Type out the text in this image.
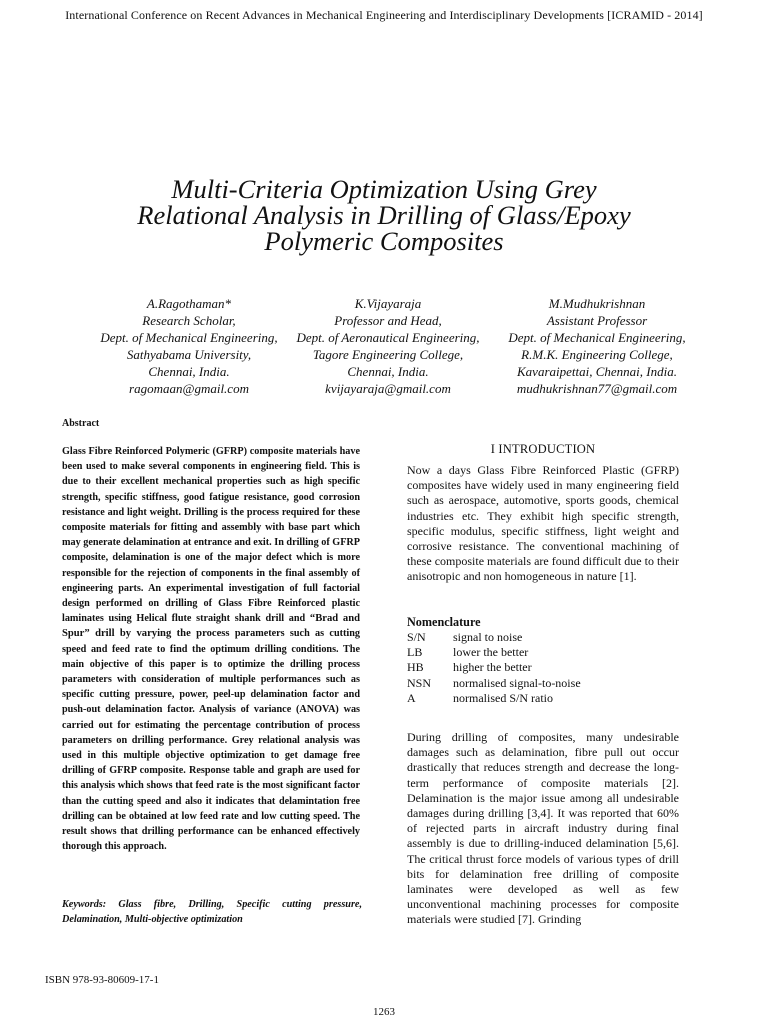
International Conference on Recent Advances in Mechanical Engineering and Interdisciplinary Developments [ICRAMID - 2014]
Multi-Criteria Optimization Using Grey
Relational Analysis in Drilling of Glass/Epoxy
Polymeric Composites
A.Ragothaman*
Research Scholar,
Dept. of Mechanical Engineering,
Sathyabama University,
Chennai, India.
ragomaan@gmail.com
K.Vijayaraja
Professor and Head,
Dept. of Aeronautical Engineering,
Tagore Engineering College,
Chennai, India.
kvijayaraja@gmail.com
M.Mudhukrishnan
Assistant Professor
Dept. of Mechanical Engineering,
R.M.K. Engineering College,
Kavaraipettai, Chennai, India.
mudhukrishnan77@gmail.com
Abstract
Glass Fibre Reinforced Polymeric (GFRP) composite materials have been used to make several components in engineering field. This is due to their excellent mechanical properties such as high specific strength, specific stiffness, good fatigue resistance, good corrosion resistance and light weight. Drilling is the process required for these composite materials for fitting and assembly with base part which may generate delamination at entrance and exit. In drilling of GFRP composite, delamination is one of the major defect which is more responsible for the rejection of components in the final assembly of engineering parts. An experimental investigation of full factorial design performed on drilling of Glass Fibre Reinforced plastic laminates using Helical flute straight shank drill and “Brad and Spur” drill by varying the process parameters such as cutting speed and feed rate to find the optimum drilling conditions. The main objective of this paper is to optimize the drilling process parameters with consideration of multiple performances such as specific cutting pressure, power, peel-up delamination factor and push-out delamination factor. Analysis of variance (ANOVA) was carried out for estimating the percentage contribution of process parameters on drilling performance. Grey relational analysis was used in this multiple objective optimization to get damage free drilling of GFRP composite. Response table and graph are used for this analysis which shows that feed rate is the most significant factor than the cutting speed and also it indicates that delamintation free drilling can be obtained at low feed rate and low cutting speed. The result shows that drilling performance can be enhanced effectively thorough this approach.
Keywords: Glass fibre, Drilling, Specific cutting pressure, Delamination, Multi-objective optimization
I INTRODUCTION
Now a days Glass Fibre Reinforced Plastic (GFRP) composites have widely used in many engineering field such as aerospace, automotive, sports goods, chemical industries etc. They exhibit high specific strength, specific modulus, specific stiffness, light weight and corrosive resistance. The conventional machining of these composite materials are found difficult due to their anisotropic and non homogeneous in nature [1].
Nomenclature
S/N	signal to noise
LB	lower the better
HB	higher the better
NSN	normalised signal-to-noise
A	normalised S/N ratio
During drilling of composites, many undesirable damages such as delamination, fibre pull out occur drastically that reduces strength and decrease the long-term performance of composite materials [2]. Delamination is the major issue among all undesirable damages during drilling [3,4]. It was reported that 60% of rejected parts in aircraft industry during final assembly is due to drilling-induced delamination [5,6]. The critical thrust force models of various types of drill bits for delamination free drilling of composite laminates were developed as well as few unconventional machining processes for composite materials were studied [7]. Grinding
ISBN 978-93-80609-17-1
1263
